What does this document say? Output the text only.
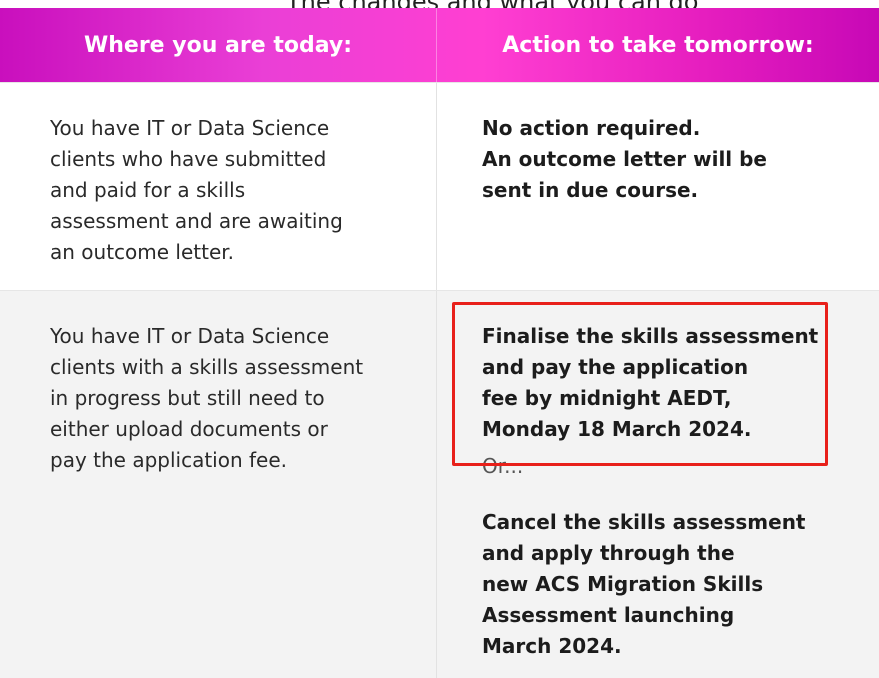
Where you are today:	Action to take tomorrow:
You have IT or Data Science
clients who have submitted
and paid for a skills
assessment and are awaiting
an outcome letter.
No action required.
An outcome letter will be
sent in due course.
You have IT or Data Science
clients with a skills assessment
in progress but still need to
either upload documents or
pay the application fee.
Finalise the skills assessment
and pay the application
fee by midnight AEDT,
Monday 18 March 2024.
Or...
Cancel the skills assessment
and apply through the
new ACS Migration Skills
Assessment launching
March 2024.
